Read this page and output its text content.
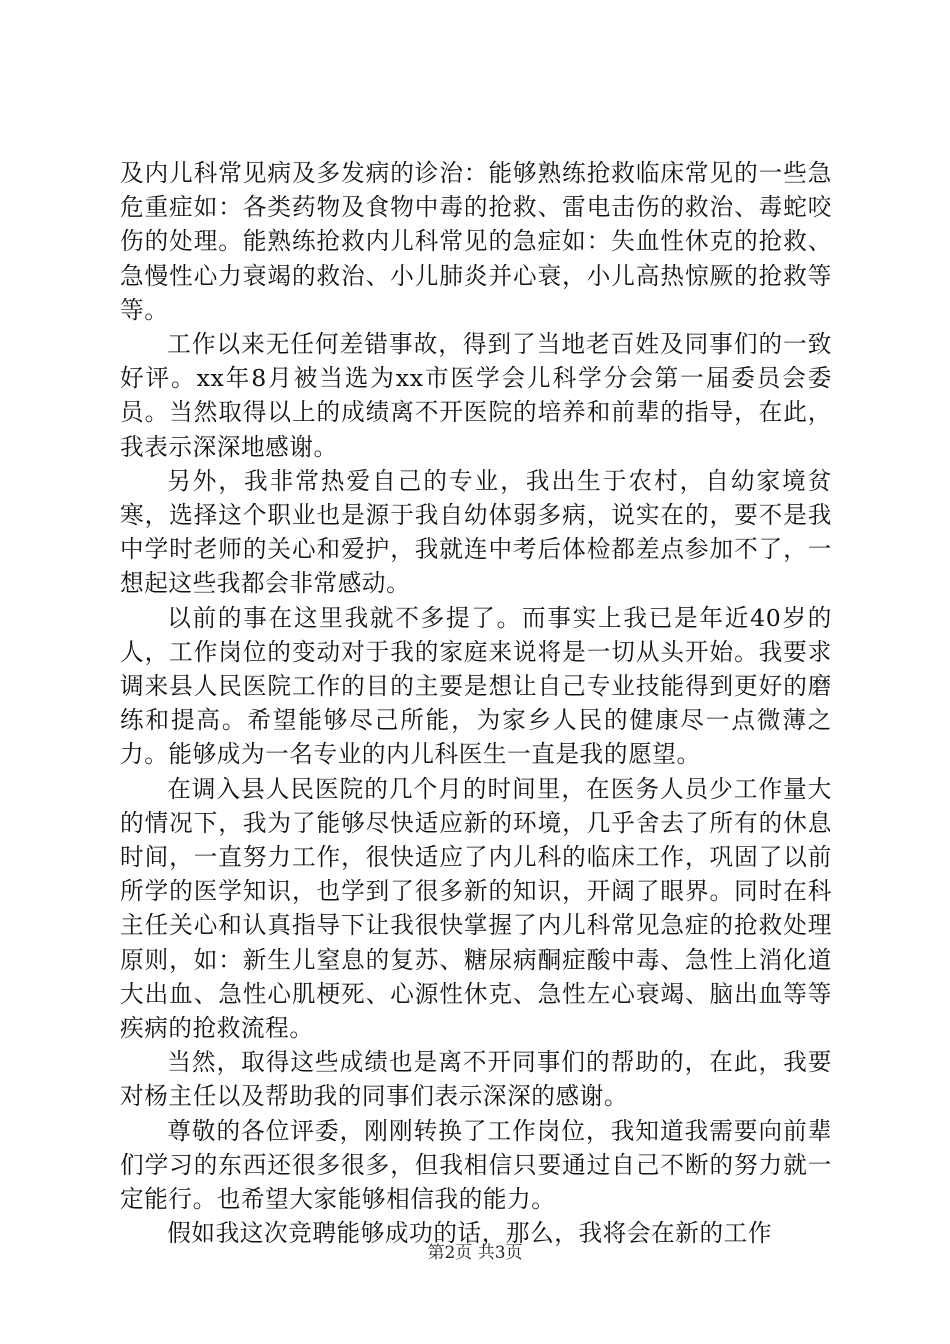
及内儿科常见病及多发病的诊治：能够熟练抢救临床常见的一些急危重症如：各类药物及食物中毒的抢救、雷电击伤的救治、毒蛇咬伤的处理。能熟练抢救内儿科常见的急症如：失血性休克的抢救、急慢性心力衰竭的救治、小儿肺炎并心衰，小儿高热惊厥的抢救等等。

工作以来无任何差错事故，得到了当地老百姓及同事们的一致好评。xx年8月被当选为xx市医学会儿科学分会第一届委员会委员。当然取得以上的成绩离不开医院的培养和前辈的指导，在此，我表示深深地感谢。

另外，我非常热爱自己的专业，我出生于农村，自幼家境贫寒，选择这个职业也是源于我自幼体弱多病，说实在的，要不是我中学时老师的关心和爱护，我就连中考后体检都差点参加不了，一想起这些我都会非常感动。

以前的事在这里我就不多提了。而事实上我已是年近40岁的人，工作岗位的变动对于我的家庭来说将是一切从头开始。我要求调来县人民医院工作的目的主要是想让自己专业技能得到更好的磨练和提高。希望能够尽己所能，为家乡人民的健康尽一点微薄之力。能够成为一名专业的内儿科医生一直是我的愿望。

在调入县人民医院的几个月的时间里，在医务人员少工作量大的情况下，我为了能够尽快适应新的环境，几乎舍去了所有的休息时间，一直努力工作，很快适应了内儿科的临床工作，巩固了以前所学的医学知识，也学到了很多新的知识，开阔了眼界。同时在科主任关心和认真指导下让我很快掌握了内儿科常见急症的抢救处理原则，如：新生儿窒息的复苏、糖尿病酮症酸中毒、急性上消化道大出血、急性心肌梗死、心源性休克、急性左心衰竭、脑出血等等疾病的抢救流程。

当然，取得这些成绩也是离不开同事们的帮助的，在此，我要对杨主任以及帮助我的同事们表示深深的感谢。

尊敬的各位评委，刚刚转换了工作岗位，我知道我需要向前辈们学习的东西还很多很多，但我相信只要通过自己不断的努力就一定能行。也希望大家能够相信我的能力。

假如我这次竞聘能够成功的话，那么，我将会在新的工作

第2页 共3页
